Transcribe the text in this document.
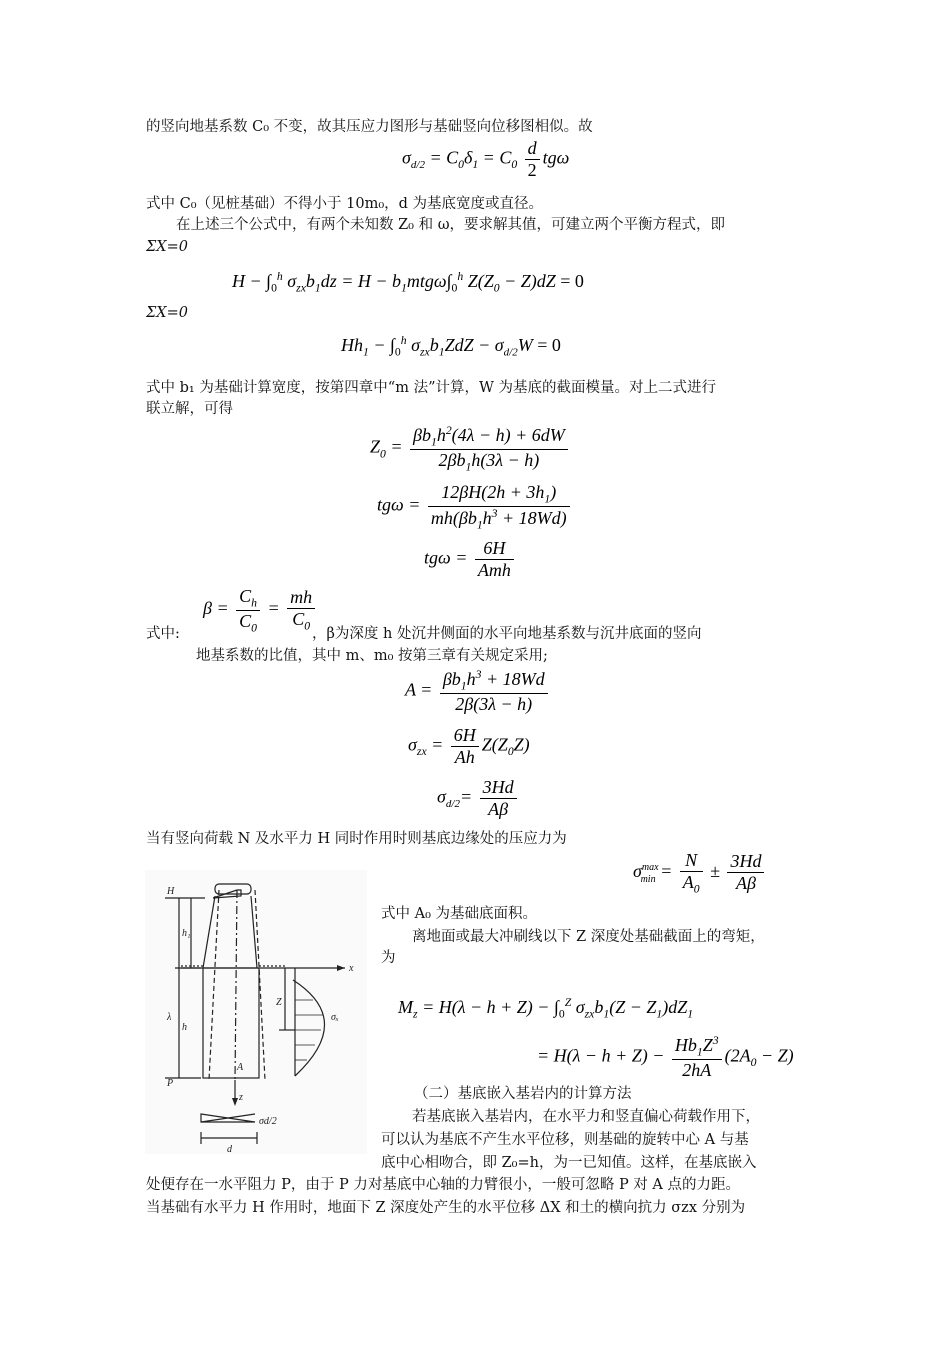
的竖向地基系数 C₀ 不变，故其压应力图形与基础竖向位移图相似。故
$\sigma_{d/2} = C_0\delta_1 = C_0 \frac{d}{2}$ tgω
式中 C₀（见桩基础）不得小于 10m₀，d 为基底宽度或直径。
在上述三个公式中，有两个未知数 Z₀ 和 ω，要求解其值，可建立两个平衡方程式，即
ΣX=0
$H - \int_0^h$ $\sigma_{zx}b_1dz = H - b_1mtg\omega\int_0^h$ $Z(Z_0 - Z)dZ = 0$
ΣX=0
$Hh_1 - \int_0^h$ $\sigma_{zx}b_1ZdZ - \sigma_{d/2}W = 0$
式中 b₁ 为基础计算宽度，按第四章中“m 法”计算，W 为基底的截面模量。对上二式进行
联立解，可得
$Z_0 = \frac{\beta b_1h^2(4\lambda - h) + 6dW}{2\beta b_1h(3\lambda - h)}$
$tg\omega = \frac{12\beta H(2h + 3h_1)}{mh(\beta b_1h^3 + 18Wd)}$
$tg\omega = \frac{6H}{\text{Amh}}$
$\beta = \frac{C_h}{C_0} = \frac{mh}{C_0}$
式中:	，β为深度 h 处沉井侧面的水平向地基系数与沉井底面的竖向
地基系数的比值，其中 m、m₀ 按第三章有关规定采用;
$A = \frac{\beta b_1h^3 + 18Wd}{2\beta(3\lambda - h)}$
$\sigma_{zx} = \frac{6H}{Ah} Z(Z_0Z)$
$\sigma_{d/2}= \frac{3Hd}{A\beta}$
当有竖向荷载 N 及水平力 H 同时作用时则基底边缘处的压应力为
$\sigma^{max}_{min} = \frac{N}{A_0} \pm \frac{3Hd}{A\beta}$
H
h₁
λ
h
P
A
z
Z
x
σₓ
d
σd/2
式中 A₀ 为基础底面积。
离地面或最大冲刷线以下 Z 深度处基础截面上的弯矩，
为
$M_z = H(\lambda - h + Z) - \int_0^Z$ $\sigma_{zx}b_1(Z - Z_1)dZ_1$
= $H(\lambda - h + Z) - \frac{Hb_1Z^3}{2hA} (2A_0 - Z)$
（二）基底嵌入基岩内的计算方法
若基底嵌入基岩内，在水平力和竖直偏心荷载作用下，
可以认为基底不产生水平位移，则基础的旋转中心 A 与基
底中心相吻合，即 Z₀=h，为一已知值。这样，在基底嵌入
处便存在一水平阻力 P，由于 P 力对基底中心轴的力臂很小，一般可忽略 P 对 A 点的力距。
当基础有水平力 H 作用时，地面下 Z 深度处产生的水平位移 ΔX 和土的横向抗力 σzx 分别为
